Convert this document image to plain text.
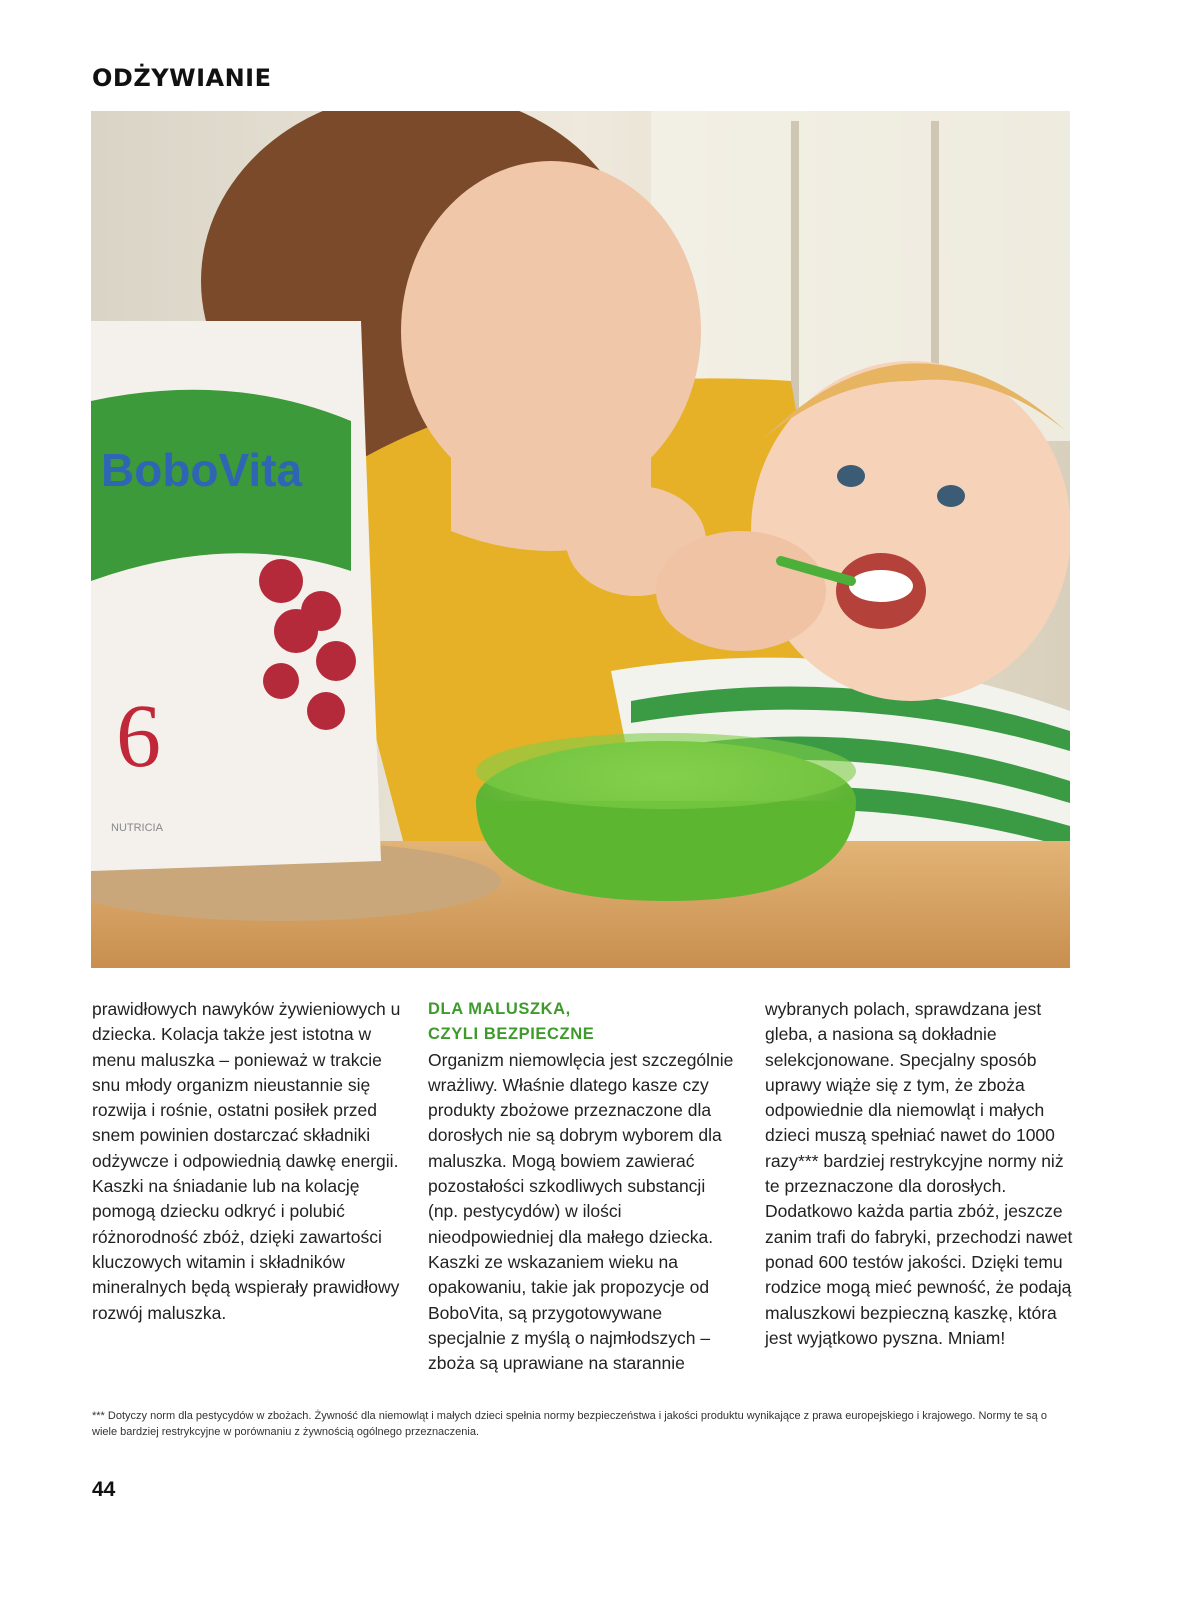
ODŻYWIANIE
BoboVita
6
NUTRICIA

prawidłowych nawyków żywieniowych u dziecka. Kolacja także jest istotna w menu maluszka – ponieważ w trakcie snu młody organizm nieustannie się rozwija i rośnie, ostatni posiłek przed snem powinien dostarczać składniki odżywcze i odpowiednią dawkę energii. Kaszki na śniadanie lub na kolację pomogą dziecku odkryć i polubić różnorodność zbóż, dzięki zawartości kluczowych witamin i składników mineralnych będą wspierały prawidłowy rozwój maluszka.

DLA MALUSZKA,
CZYLI BEZPIECZNE

Organizm niemowlęcia jest szczególnie wrażliwy. Właśnie dlatego kasze czy produkty zbożowe przeznaczone dla dorosłych nie są dobrym wyborem dla maluszka. Mogą bowiem zawierać pozostałości szkodliwych substancji (np. pestycydów) w ilości nieodpowiedniej dla małego dziecka. Kaszki ze wskazaniem wieku na opakowaniu, takie jak propozycje od BoboVita, są przygotowywane specjalnie z myślą o najmłodszych – zboża są uprawiane na starannie

wybranych polach, sprawdzana jest gleba, a nasiona są dokładnie selekcjonowane. Specjalny sposób uprawy wiąże się z tym, że zboża odpowiednie dla niemowląt i małych dzieci muszą spełniać nawet do 1000 razy*** bardziej restrykcyjne normy niż te przeznaczone dla dorosłych. Dodatkowo każda partia zbóż, jeszcze zanim trafi do fabryki, przechodzi nawet ponad 600 testów jakości. Dzięki temu rodzice mogą mieć pewność, że podają maluszkowi bezpieczną kaszkę, która jest wyjątkowo pyszna. Mniam!

*** Dotyczy norm dla pestycydów w zbożach. Żywność dla niemowląt i małych dzieci spełnia normy bezpieczeństwa i jakości produktu wynikające z prawa europejskiego i krajowego. Normy te są o wiele bardziej restrykcyjne w porównaniu z żywnością ogólnego przeznaczenia.
44
